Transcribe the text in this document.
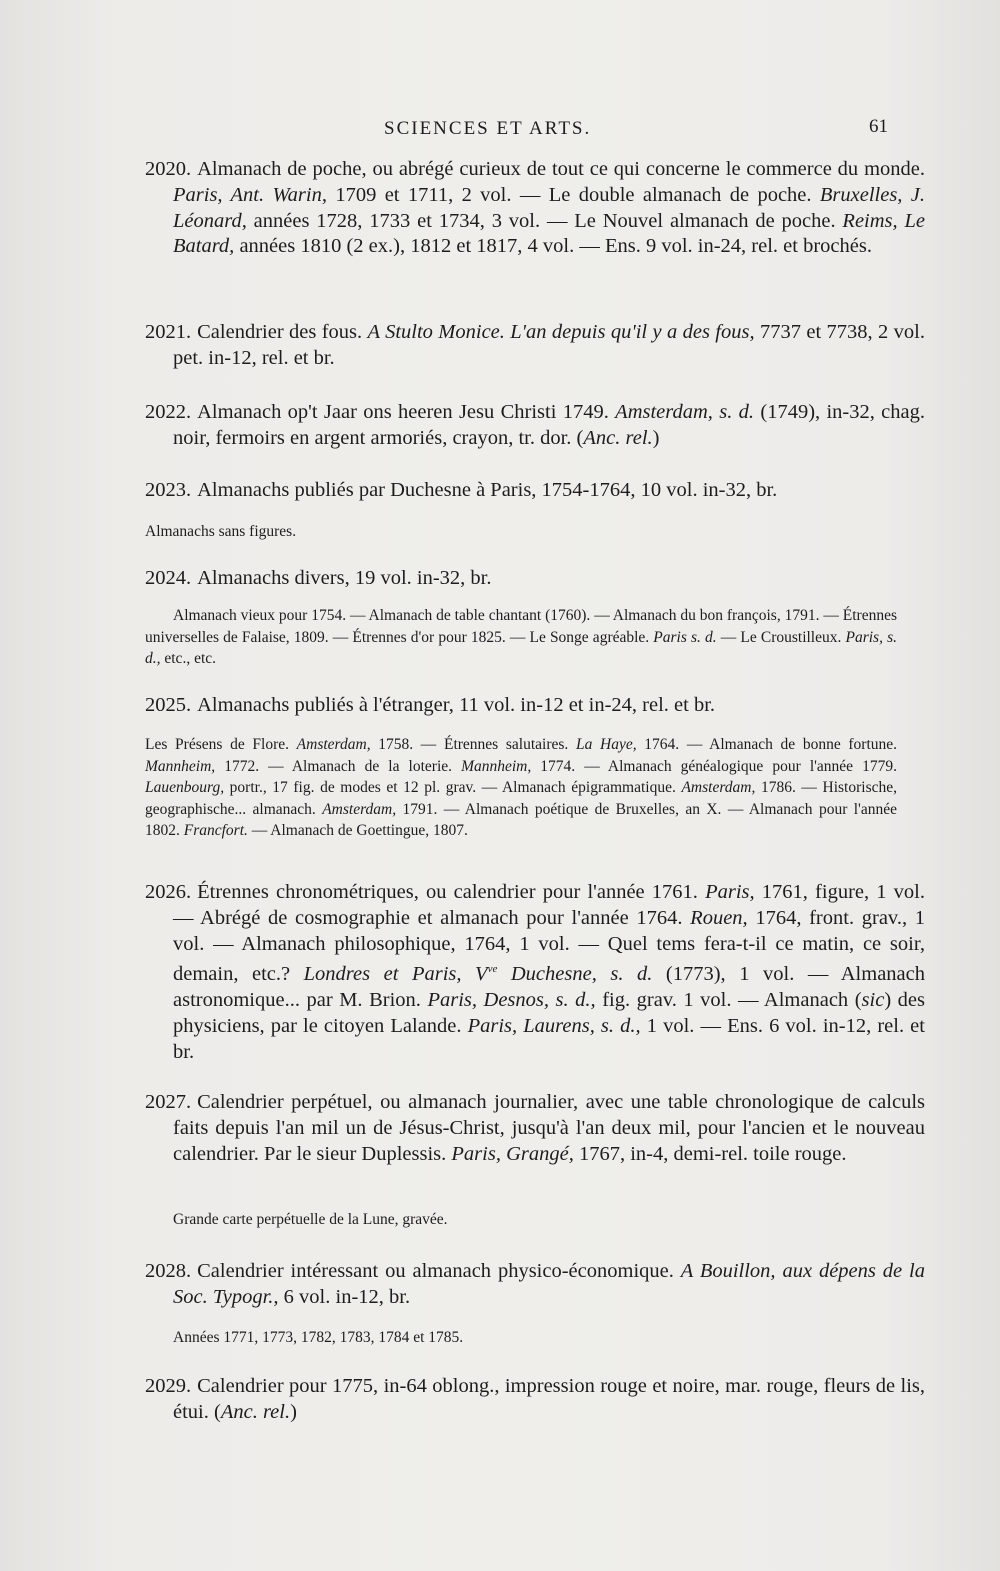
SCIENCES ET ARTS.	61
2020. Almanach de poche, ou abrégé curieux de tout ce qui concerne le commerce du monde. Paris, Ant. Warin, 1709 et 1711, 2 vol. — Le double almanach de poche. Bruxelles, J. Léonard, années 1728, 1733 et 1734, 3 vol. — Le Nouvel almanach de poche. Reims, Le Batard, années 1810 (2 ex.), 1812 et 1817, 4 vol. — Ens. 9 vol. in-24, rel. et brochés.
2021. Calendrier des fous. A Stulto Monice. L'an depuis qu'il y a des fous, 7737 et 7738, 2 vol. pet. in-12, rel. et br.
2022. Almanach op't Jaar ons heeren Jesu Christi 1749. Amsterdam, s. d. (1749), in-32, chag. noir, fermoirs en argent armoriés, crayon, tr. dor. (Anc. rel.)
2023. Almanachs publiés par Duchesne à Paris, 1754-1764, 10 vol. in-32, br.
Almanachs sans figures.
2024. Almanachs divers, 19 vol. in-32, br.
Almanach vieux pour 1754. — Almanach de table chantant (1760). — Almanach du bon françois, 1791. — Étrennes universelles de Falaise, 1809. — Étrennes d'or pour 1825. — Le Songe agréable. Paris s. d. — Le Croustilleux. Paris, s. d., etc., etc.
2025. Almanachs publiés à l'étranger, 11 vol. in-12 et in-24, rel. et br.
Les Présens de Flore. Amsterdam, 1758. — Étrennes salutaires. La Haye, 1764. — Almanach de bonne fortune. Mannheim, 1772. — Almanach de la loterie. Mannheim, 1774. — Almanach généalogique pour l'année 1779. Lauenbourg, portr., 17 fig. de modes et 12 pl. grav. — Almanach épigrammatique. Amsterdam, 1786. — Historische, geographische... almanach. Amsterdam, 1791. — Almanach poétique de Bruxelles, an X. — Almanach pour l'année 1802. Francfort. — Almanach de Goettingue, 1807.
2026. Étrennes chronométriques, ou calendrier pour l'année 1761. Paris, 1761, figure, 1 vol. — Abrégé de cosmographie et almanach pour l'année 1764. Rouen, 1764, front. grav., 1 vol. — Almanach philosophique, 1764, 1 vol. — Quel tems fera-t-il ce matin, ce soir, demain, etc.? Londres et Paris, $V^{ve}$ Duchesne, s. d. (1773), 1 vol. — Almanach astronomique... par M. Brion. Paris, Desnos, s. d., fig. grav. 1 vol. — Almanach (sic) des physiciens, par le citoyen Lalande. Paris, Laurens, s. d., 1 vol. — Ens. 6 vol. in-12, rel. et br.
2027. Calendrier perpétuel, ou almanach journalier, avec une table chronologique de calculs faits depuis l'an mil un de Jésus-Christ, jusqu'à l'an deux mil, pour l'ancien et le nouveau calendrier. Par le sieur Duplessis. Paris, Grangé, 1767, in-4, demi-rel. toile rouge.
Grande carte perpétuelle de la Lune, gravée.
2028. Calendrier intéressant ou almanach physico-économique. A Bouillon, aux dépens de la Soc. Typogr., 6 vol. in-12, br.
Années 1771, 1773, 1782, 1783, 1784 et 1785.
2029. Calendrier pour 1775, in-64 oblong., impression rouge et noire, mar. rouge, fleurs de lis, étui. (Anc. rel.)
